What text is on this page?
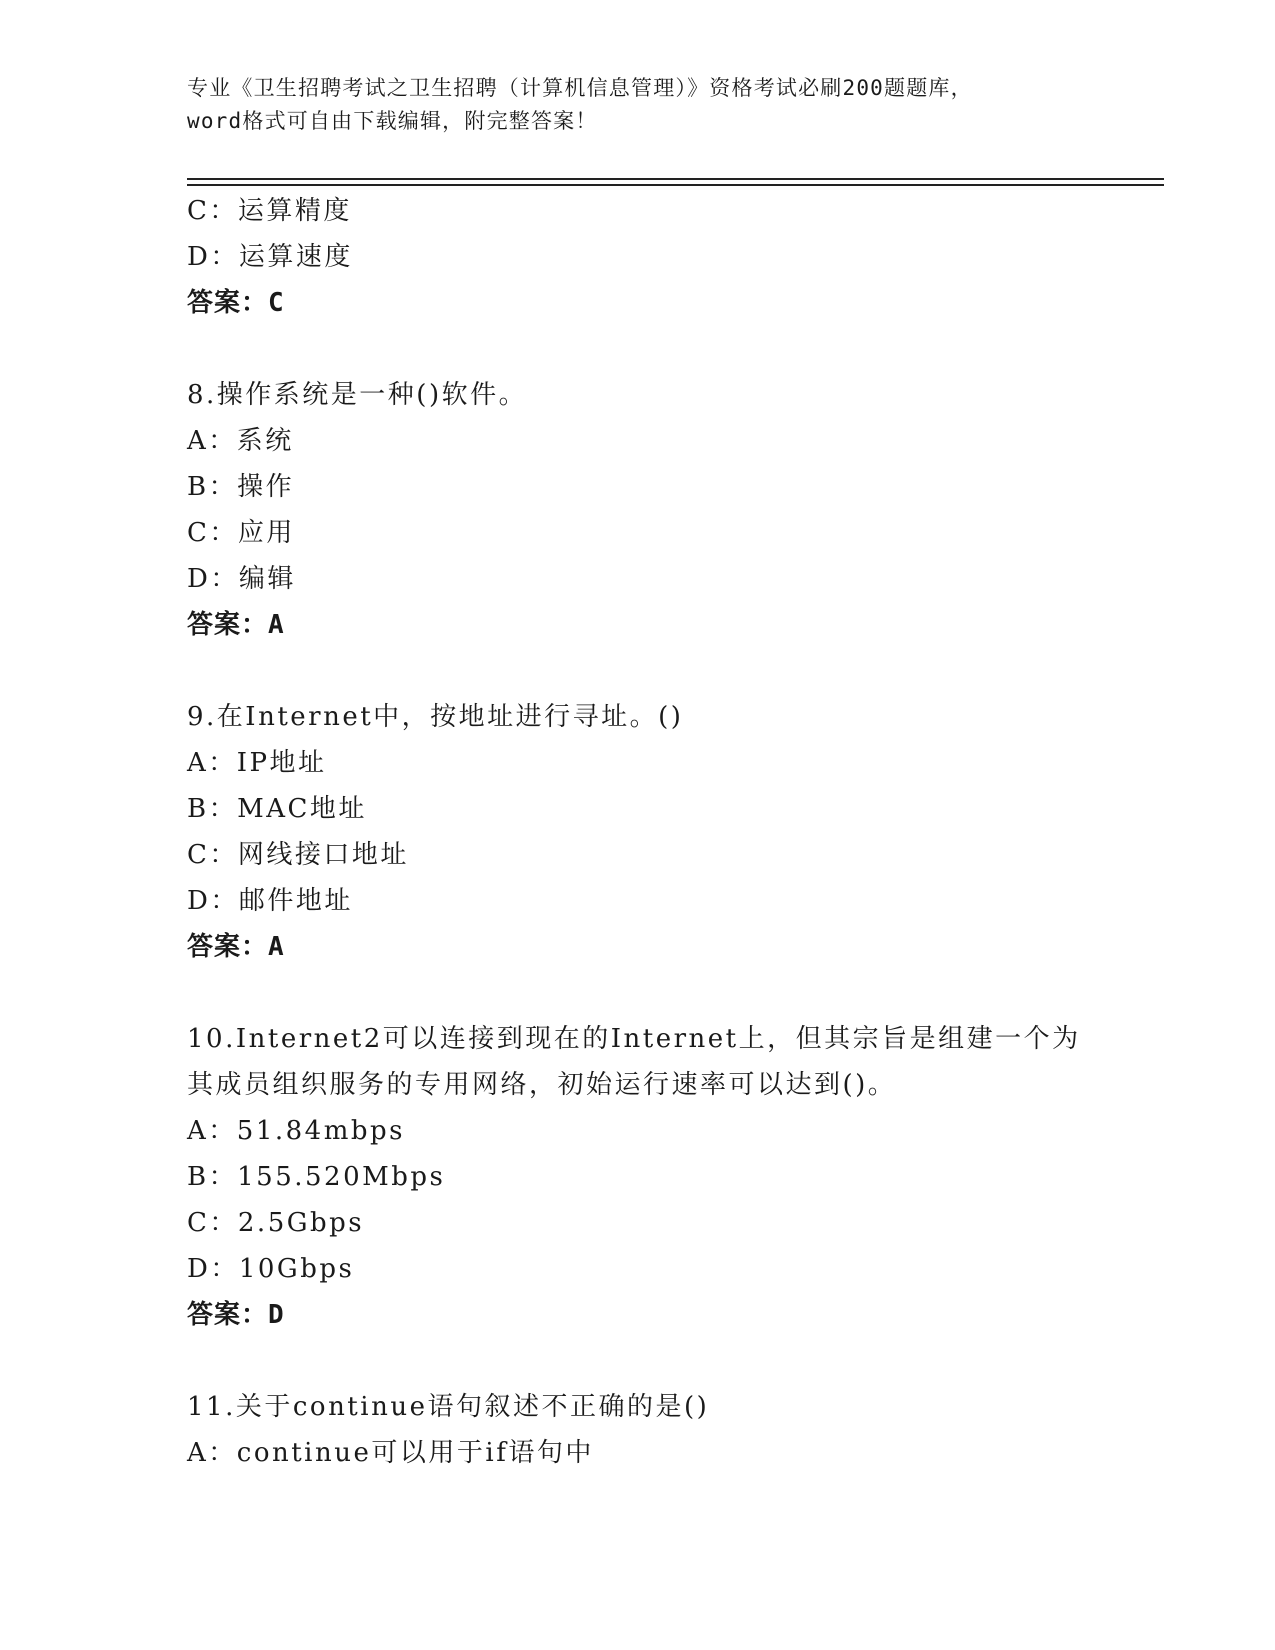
专业《卫生招聘考试之卫生招聘（计算机信息管理）》资格考试必刷200题题库，
word格式可自由下载编辑，附完整答案！
C：运算精度
D：运算速度
答案：C
8.操作系统是一种()软件。
A：系统
B：操作
C：应用
D：编辑
答案：A
9.在Internet中，按地址进行寻址。()
A：IP地址
B：MAC地址
C：网线接口地址
D：邮件地址
答案：A
10.Internet2可以连接到现在的Internet上，但其宗旨是组建一个为
其成员组织服务的专用网络，初始运行速率可以达到()。
A：51.84mbps
B：155.520Mbps
C：2.5Gbps
D：10Gbps
答案：D
11.关于continue语句叙述不正确的是()
A：continue可以用于if语句中
